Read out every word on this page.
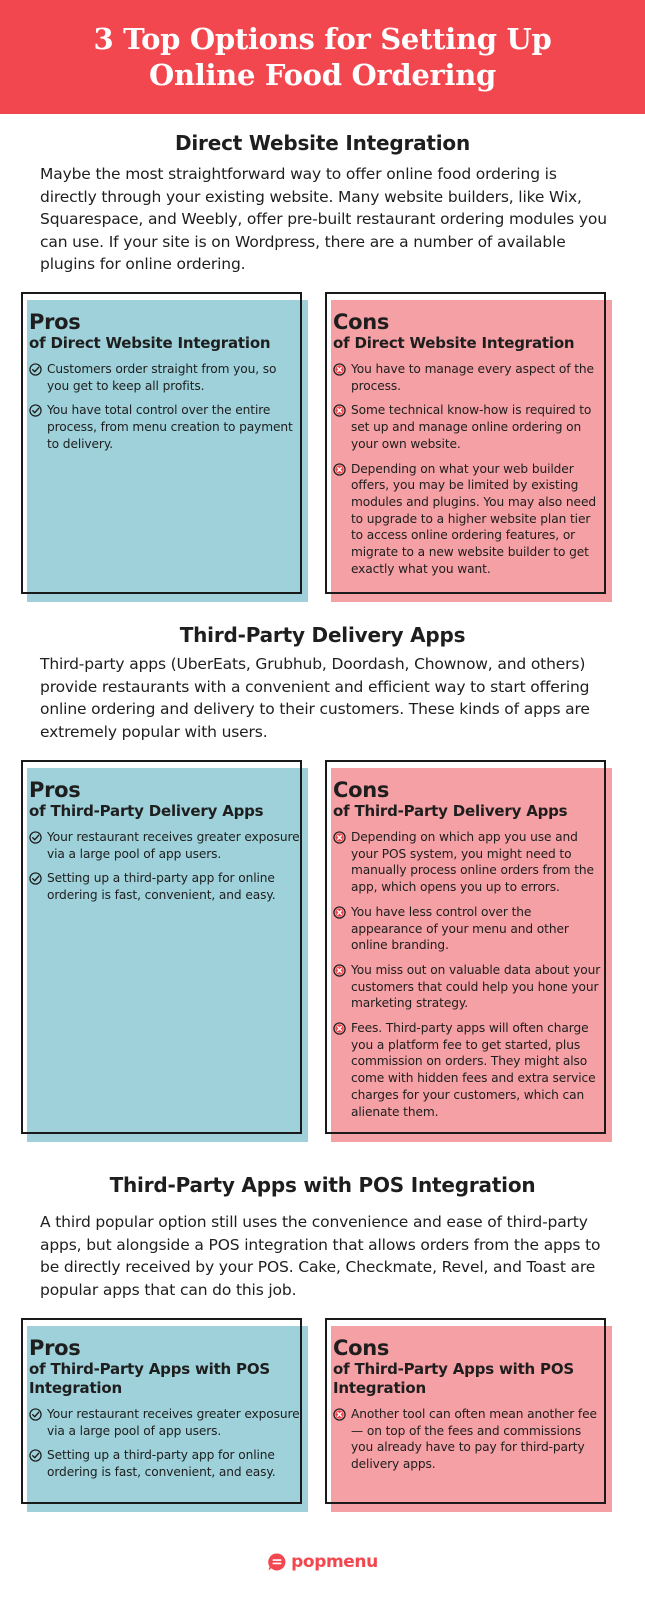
3 Top Options for Setting Up
Online Food Ordering
Direct Website Integration
Maybe the most straightforward way to offer online food ordering is directly through your existing website. Many website builders, like Wix, Squarespace, and Weebly, offer pre-built restaurant ordering modules you can use. If your site is on Wordpress, there are a number of available plugins for online ordering.
Pros
of Direct Website Integration
Customers order straight from you, so you get to keep all profits.
You have total control over the entire process, from menu creation to payment to delivery.
Cons
of Direct Website Integration
You have to manage every aspect of the process.
Some technical know-how is required to set up and manage online ordering on your own website.
Depending on what your web builder offers, you may be limited by existing modules and plugins. You may also need to upgrade to a higher website plan tier to access online ordering features, or migrate to a new website builder to get exactly what you want.
Third-Party Delivery Apps
Third-party apps (UberEats, Grubhub, Doordash, Chownow, and others) provide restaurants with a convenient and efficient way to start offering online ordering and delivery to their customers. These kinds of apps are extremely popular with users.
Pros
of Third-Party Delivery Apps
Your restaurant receives greater exposure via a large pool of app users.
Setting up a third-party app for online ordering is fast, convenient, and easy.
Cons
of Third-Party Delivery Apps
Depending on which app you use and your POS system, you might need to manually process online orders from the app, which opens you up to errors.
You have less control over the appearance of your menu and other online branding.
You miss out on valuable data about your customers that could help you hone your marketing strategy.
Fees. Third-party apps will often charge you a platform fee to get started, plus commission on orders. They might also come with hidden fees and extra service charges for your customers, which can alienate them.
Third-Party Apps with POS Integration
A third popular option still uses the convenience and ease of third-party apps, but alongside a POS integration that allows orders from the apps to be directly received by your POS. Cake, Checkmate, Revel, and Toast are popular apps that can do this job.
Pros
of Third-Party Apps with POS Integration
Your restaurant receives greater exposure via a large pool of app users.
Setting up a third-party app for online ordering is fast, convenient, and easy.
Cons
of Third-Party Apps with POS Integration
Another tool can often mean another fee — on top of the fees and commissions you already have to pay for third-party delivery apps.
popmenu
